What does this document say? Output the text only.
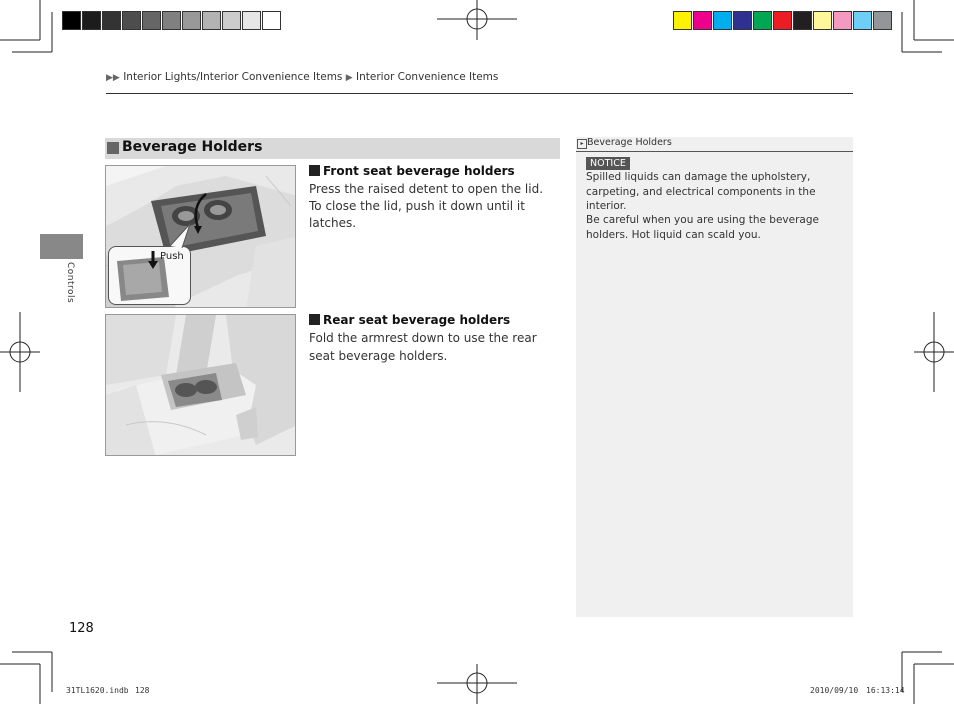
▶▶ Interior Lights/Interior Convenience Items ▶ Interior Convenience Items
Controls
Beverage Holders
Push
Front seat beverage holders
Press the raised detent to open the lid. To close the lid, push it down until it latches.
Rear seat beverage holders
Fold the armrest down to use the rear seat beverage holders.
▸ Beverage Holders
NOTICE
Spilled liquids can damage the upholstery, carpeting, and electrical components in the interior.
Be careful when you are using the beverage holders. Hot liquid can scald you.
128
31TL1620.indb 128	2010/09/10 16:13:14
